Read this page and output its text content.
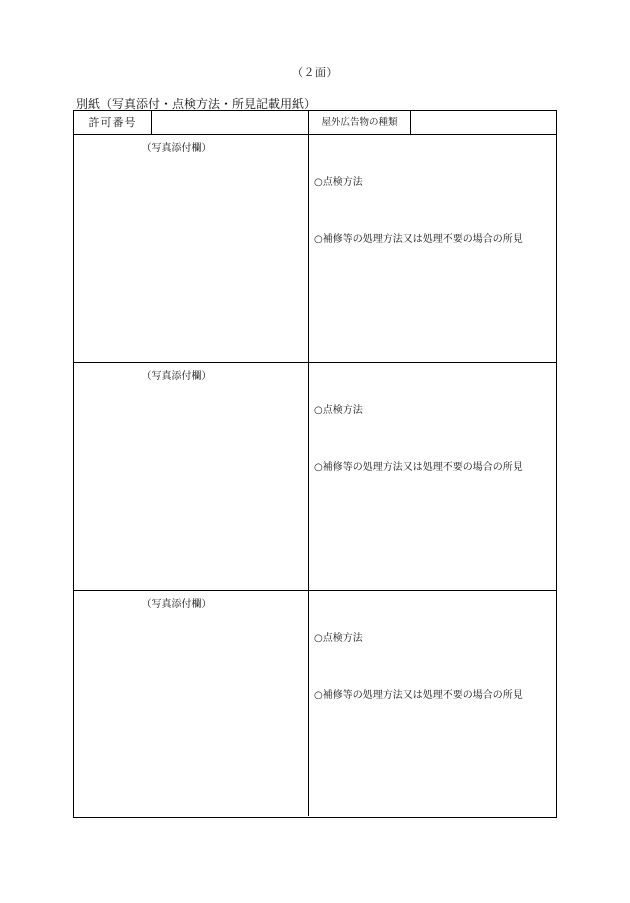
（２面）
別紙（写真添付・点検方法・所見記載用紙）
許可番号	屋外広告物の種類
（写真添付欄）
○点検方法
○補修等の処理方法又は処理不要の場合の所見
（写真添付欄）
○点検方法
○補修等の処理方法又は処理不要の場合の所見
（写真添付欄）
○点検方法
○補修等の処理方法又は処理不要の場合の所見
